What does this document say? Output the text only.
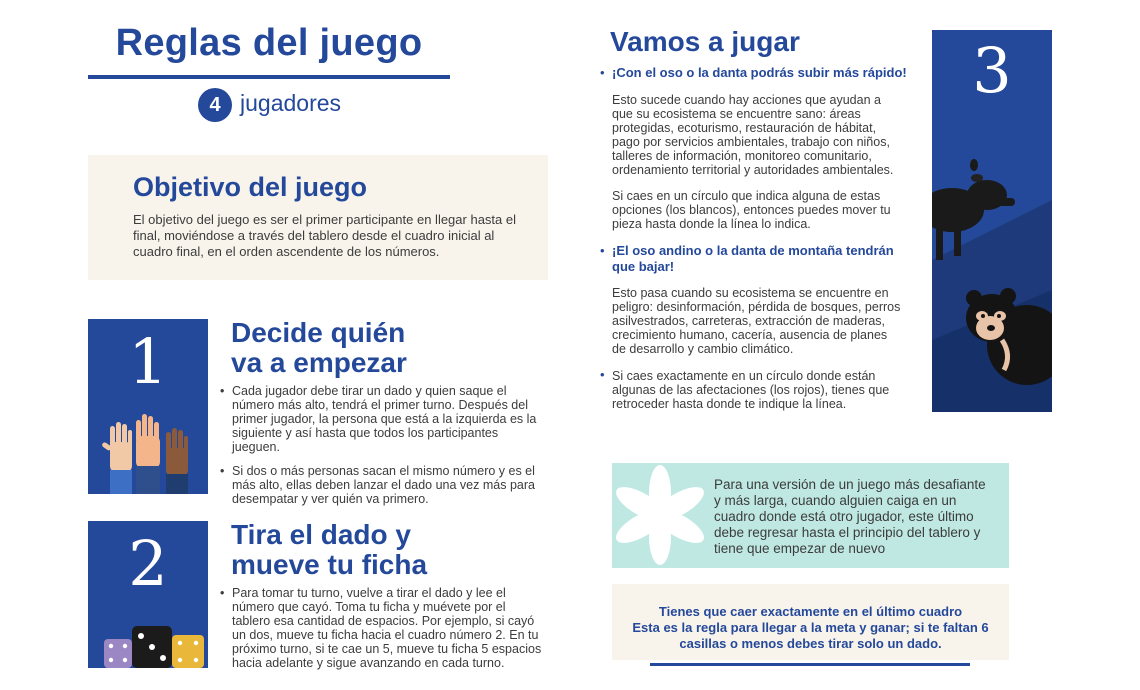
Reglas del juego
4 jugadores
Objetivo del juego
El objetivo del juego es ser el primer participante en llegar hasta el final, moviéndose a través del tablero desde el cuadro inicial al cuadro final, en el orden ascendente de los números.
1	Decide quién
va a empezar
• Cada jugador debe tirar un dado y quien saque el número más alto, tendrá el primer turno. Después del primer jugador, la persona que está a la izquierda es la siguiente y así hasta que todos los participantes jueguen.
• Si dos o más personas sacan el mismo número y es el más alto, ellas deben lanzar el dado una vez más para desempatar y ver quién va primero.
2	Tira el dado y
mueve tu ficha
• Para tomar tu turno, vuelve a tirar el dado y lee el número que cayó. Toma tu ficha y muévete por el tablero esa cantidad de espacios. Por ejemplo, si cayó un dos, mueve tu ficha hacia el cuadro número 2. En tu próximo turno, si te cae un 5, mueve tu ficha 5 espacios hacia adelante y sigue avanzando en cada turno.
Vamos a jugar
• ¡Con el oso o la danta podrás subir más rápido!
Esto sucede cuando hay acciones que ayudan a que su ecosistema se encuentre sano: áreas protegidas, ecoturismo, restauración de hábitat, pago por servicios ambientales, trabajo con niños, talleres de información, monitoreo comunitario, ordenamiento territorial y autoridades ambientales.
Si caes en un círculo que indica alguna de estas opciones (los blancos), entonces puedes mover tu pieza hasta donde la línea lo indica.
• ¡El oso andino o la danta de montaña tendrán que bajar!
Esto pasa cuando su ecosistema se encuentre en peligro: desinformación, pérdida de bosques, perros asilvestrados, carreteras, extracción de maderas, crecimiento humano, cacería, ausencia de planes de desarrollo y cambio climático.
• Si caes exactamente en un círculo donde están algunas de las afectaciones (los rojos), tienes que retroceder hasta donde te indique la línea.
3
Para una versión de un juego más desafiante y más larga, cuando alguien caiga en un cuadro donde está otro jugador, este último debe regresar hasta el principio del tablero y tiene que empezar de nuevo
Tienes que caer exactamente en el último cuadro
Esta es la regla para llegar a la meta y ganar; si te faltan 6 casillas o menos debes tirar solo un dado.
